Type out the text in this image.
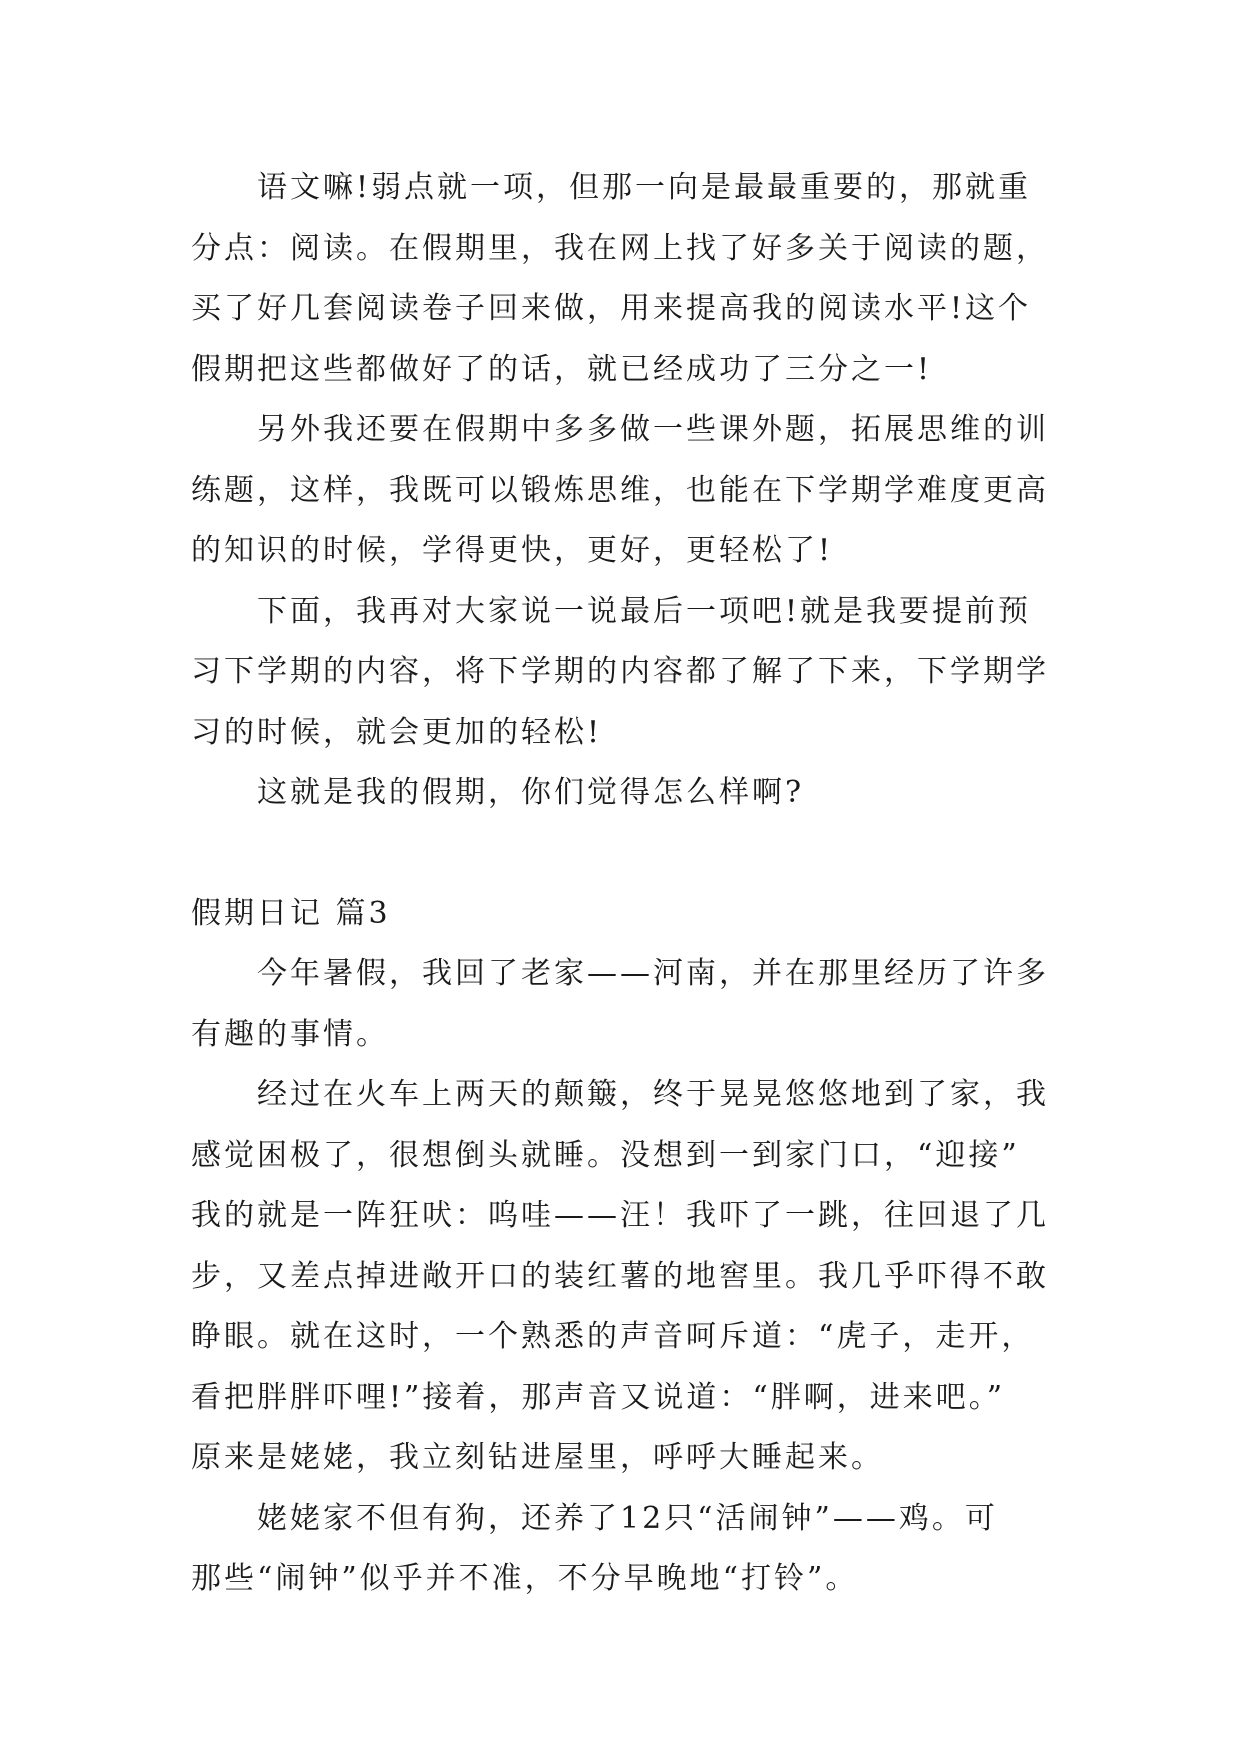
语文嘛!弱点就一项，但那一向是最最重要的，那就重
分点：阅读。在假期里，我在网上找了好多关于阅读的题，
买了好几套阅读卷子回来做，用来提高我的阅读水平!这个
假期把这些都做好了的话，就已经成功了三分之一!
另外我还要在假期中多多做一些课外题，拓展思维的训
练题，这样，我既可以锻炼思维，也能在下学期学难度更高
的知识的时候，学得更快，更好，更轻松了!
下面，我再对大家说一说最后一项吧!就是我要提前预
习下学期的内容，将下学期的内容都了解了下来，下学期学
习的时候，就会更加的轻松!
这就是我的假期，你们觉得怎么样啊?
假期日记 篇3
今年暑假，我回了老家——河南，并在那里经历了许多
有趣的事情。
经过在火车上两天的颠簸，终于晃晃悠悠地到了家，我
感觉困极了，很想倒头就睡。没想到一到家门口，“迎接”
我的就是一阵狂吠：呜哇——汪！我吓了一跳，往回退了几
步，又差点掉进敞开口的装红薯的地窖里。我几乎吓得不敢
睁眼。就在这时，一个熟悉的声音呵斥道：“虎子，走开，
看把胖胖吓哩!”接着，那声音又说道：“胖啊，进来吧。”
原来是姥姥，我立刻钻进屋里，呼呼大睡起来。
姥姥家不但有狗，还养了12只“活闹钟”——鸡。可
那些“闹钟”似乎并不准，不分早晚地“打铃”。
